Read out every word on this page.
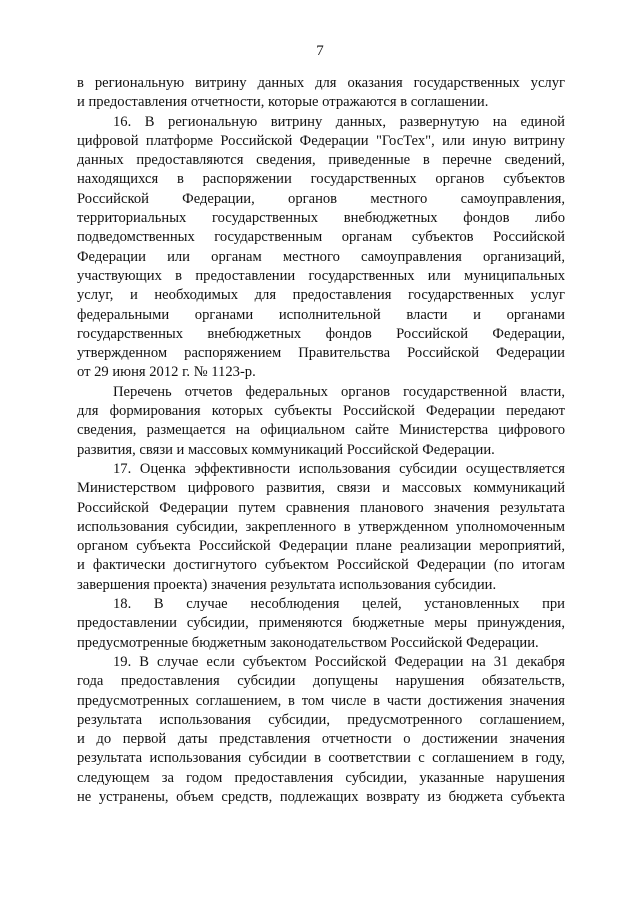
7
в региональную витрину данных для оказания государственных услуг
и предоставления отчетности, которые отражаются в соглашении.
16. В региональную витрину данных, развернутую на единой
цифровой платформе Российской Федерации "ГосТех", или иную витрину
данных предоставляются сведения, приведенные в перечне сведений,
находящихся в распоряжении государственных органов субъектов
Российской Федерации, органов местного самоуправления,
территориальных государственных внебюджетных фондов либо
подведомственных государственным органам субъектов Российской
Федерации или органам местного самоуправления организаций,
участвующих в предоставлении государственных или муниципальных
услуг, и необходимых для предоставления государственных услуг
федеральными органами исполнительной власти и органами
государственных внебюджетных фондов Российской Федерации,
утвержденном распоряжением Правительства Российской Федерации
от 29 июня 2012 г. № 1123-р.
Перечень отчетов федеральных органов государственной власти,
для формирования которых субъекты Российской Федерации передают
сведения, размещается на официальном сайте Министерства цифрового
развития, связи и массовых коммуникаций Российской Федерации.
17. Оценка эффективности использования субсидии осуществляется
Министерством цифрового развития, связи и массовых коммуникаций
Российской Федерации путем сравнения планового значения результата
использования субсидии, закрепленного в утвержденном уполномоченным
органом субъекта Российской Федерации плане реализации мероприятий,
и фактически достигнутого субъектом Российской Федерации (по итогам
завершения проекта) значения результата использования субсидии.
18. В случае несоблюдения целей, установленных при
предоставлении субсидии, применяются бюджетные меры принуждения,
предусмотренные бюджетным законодательством Российской Федерации.
19. В случае если субъектом Российской Федерации на 31 декабря
года предоставления субсидии допущены нарушения обязательств,
предусмотренных соглашением, в том числе в части достижения значения
результата использования субсидии, предусмотренного соглашением,
и до первой даты представления отчетности о достижении значения
результата использования субсидии в соответствии с соглашением в году,
следующем за годом предоставления субсидии, указанные нарушения
не устранены, объем средств, подлежащих возврату из бюджета субъекта
